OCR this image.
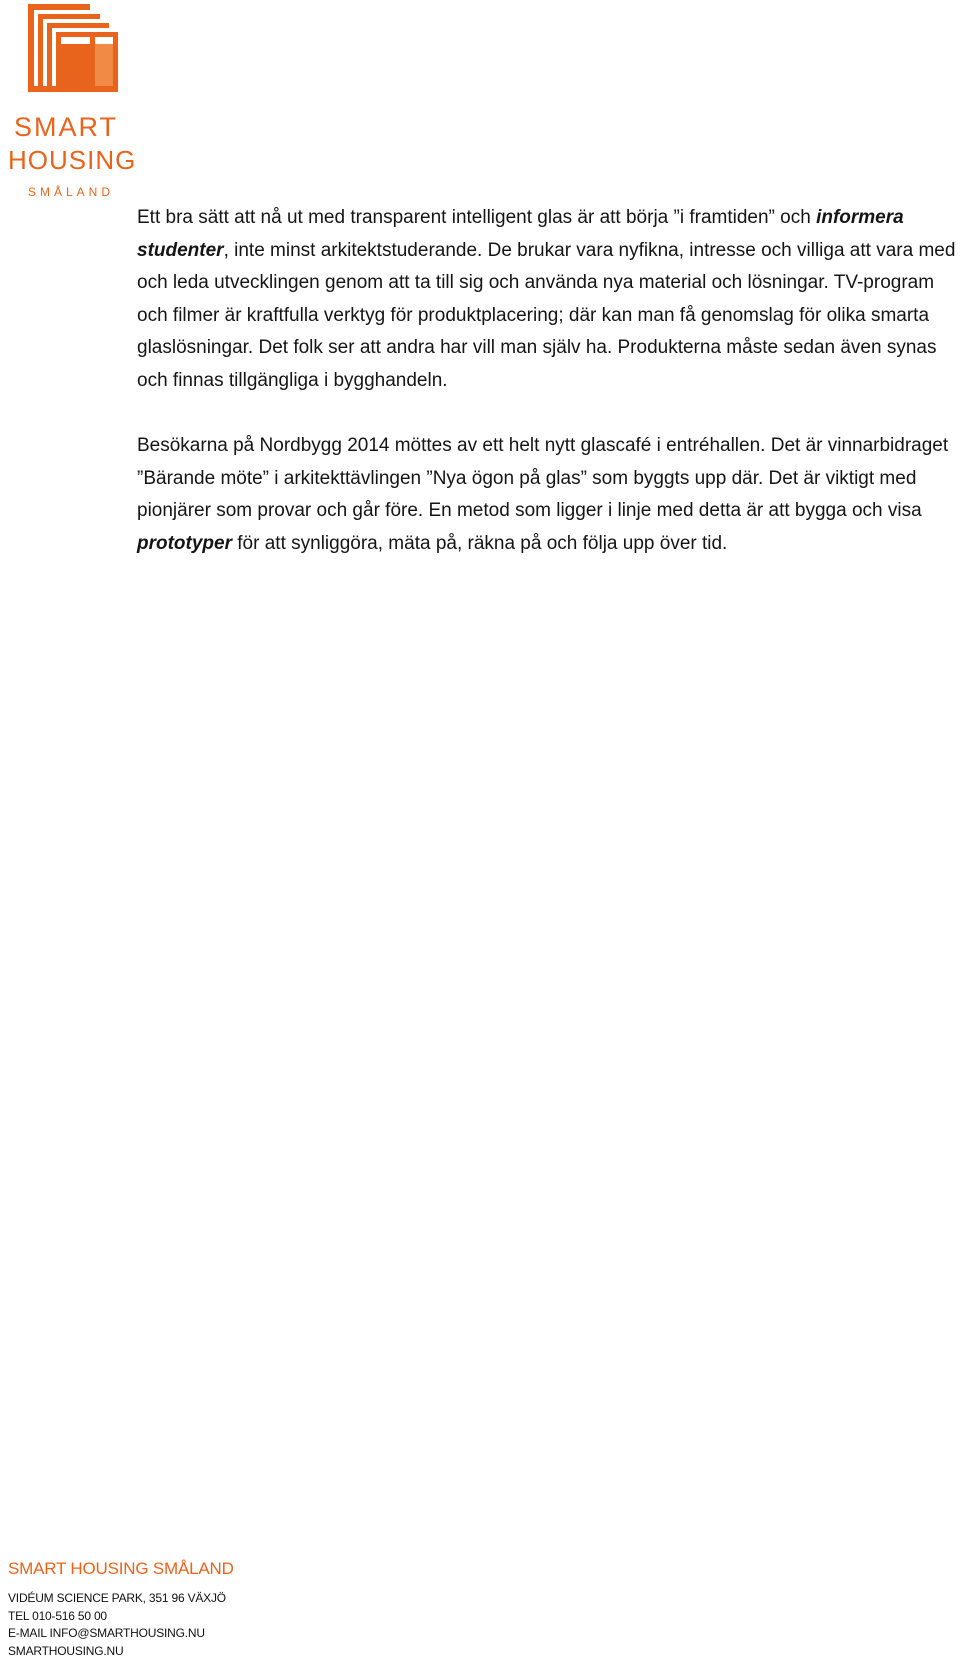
SMART
HOUSING
SMÅLAND

Ett bra sätt att nå ut med transparent intelligent glas är att börja ”i framtiden” och informera studenter, inte minst arkitektstuderande. De brukar vara nyfikna, intresse och villiga att vara med och leda utvecklingen genom att ta till sig och använda nya material och lösningar. TV-program och filmer är kraftfulla verktyg för produktplacering; där kan man få genomslag för olika smarta glaslösningar. Det folk ser att andra har vill man själv ha. Produkterna måste sedan även synas och finnas tillgängliga i bygghandeln.

Besökarna på Nordbygg 2014 möttes av ett helt nytt glascafé i entréhallen. Det är vinnarbidraget ”Bärande möte” i arkitekttävlingen ”Nya ögon på glas” som byggts upp där. Det är viktigt med pionjärer som provar och går före. En metod som ligger i linje med detta är att bygga och visa prototyper för att synliggöra, mäta på, räkna på och följa upp över tid.

SMART HOUSING SMÅLAND
VIDÉUM SCIENCE PARK, 351 96 VÄXJÖ
TEL 010-516 50 00
E-MAIL INFO@SMARTHOUSING.NU
SMARTHOUSING.NU
